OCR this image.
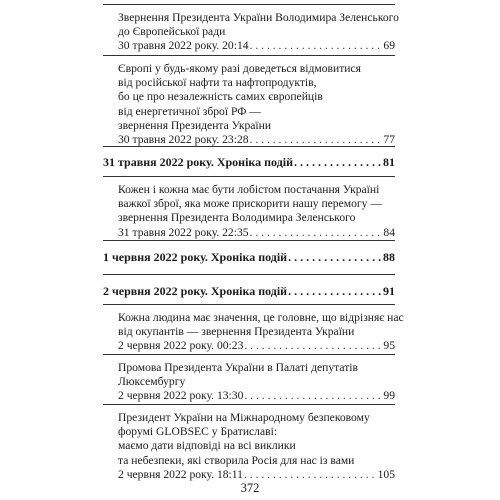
Звернення Президента України Володимира Зеленського
до Європейської ради
30 травня 2022 року. 20:14 . . .	69
Європі у будь-якому разі доведеться відмовитися
від російської нафти та нафтопродуктів,
бо це про незалежність самих європейців
від енергетичної зброї РФ —
звернення Президента України
30 травня 2022 року. 23:28 . . .	77
31 травня 2022 року. Хроніка подій . . .	81
Кожен і кожна має бути лобістом постачання Україні
важкої зброї, яка може прискорити нашу перемогу —
звернення Президента Володимира Зеленського
31 травня 2022 року. 22:35 . . .	84
1 червня 2022 року. Хроніка подій . . .	88
2 червня 2022 року. Хроніка подій . . .	91
Кожна людина має значення, це головне, що відрізняє нас
від окупантів — звернення Президента України
2 червня 2022 року. 00:23 . . .	95
Промова Президента України в Палаті депутатів
Люксембургу
2 червня 2022 року. 13:30 . . .	99
Президент України на Міжнародному безпековому
форумі GLOBSEC у Братиславі:
маємо дати відповіді на всі виклики
та небезпеки, які створила Росія для нас із вами
2 червня 2022 року. 18:11 . . .	105
372
